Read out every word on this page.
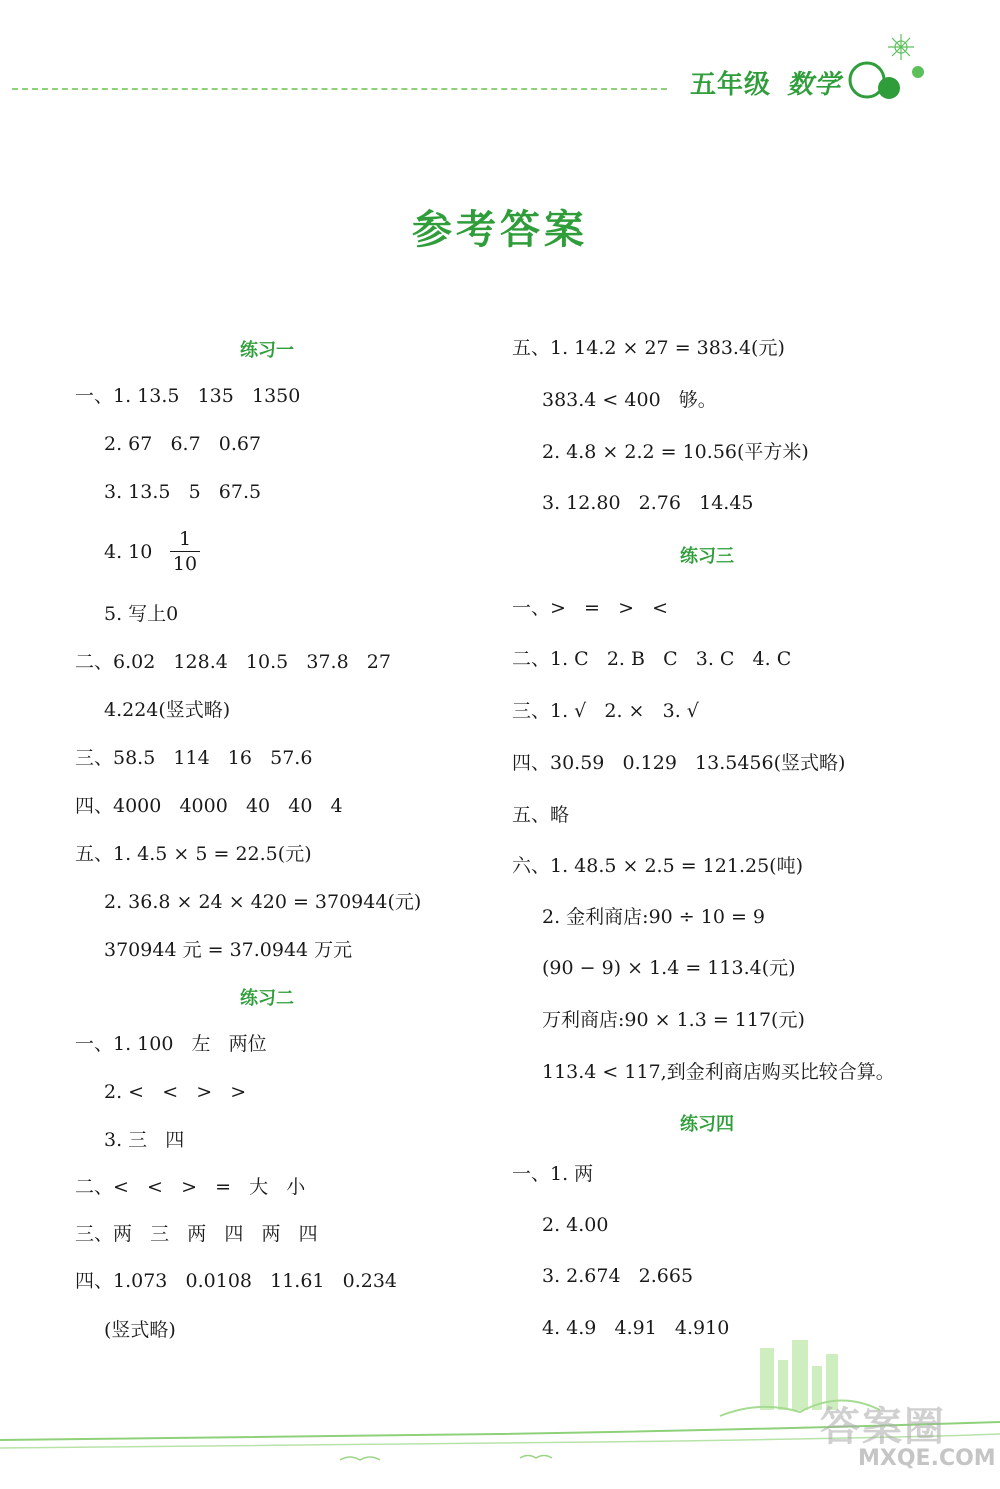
五年级 数学
参考答案
练习一
一、1. 13.5   135   1350
2. 67   6.7   0.67
3. 13.5   5   67.5
4. 10
1
10
5. 写上0
二、6.02   128.4   10.5   37.8   27
4.224(竖式略)
三、58.5   114   16   57.6
四、4000   4000   40   40   4
五、1. 4.5 × 5 = 22.5(元)
2. 36.8 × 24 × 420 = 370944(元)
370944 元 = 37.0944 万元
练习二
一、1. 100   左   两位
2. <   <   >   >
3. 三   四
二、<   <   >   =   大   小
三、两   三   两   四   两   四
四、1.073   0.0108   11.61   0.234
(竖式略)
五、1. 14.2 × 27 = 383.4(元)
383.4 < 400   够。
2. 4.8 × 2.2 = 10.56(平方米)
3. 12.80   2.76   14.45
练习三
一、>   =   >   <
二、1. C   2. B   C   3. C   4. C
三、1. √   2. ×   3. √
四、30.59   0.129   13.5456(竖式略)
五、略
六、1. 48.5 × 2.5 = 121.25(吨)
2. 金利商店:90 ÷ 10 = 9
(90 − 9) × 1.4 = 113.4(元)
万利商店:90 × 1.3 = 117(元)
113.4 < 117,到金利商店购买比较合算。
练习四
一、1. 两
2. 4.00
3. 2.674   2.665
4. 4.9   4.91   4.910
答案圈
MXQE.COM
